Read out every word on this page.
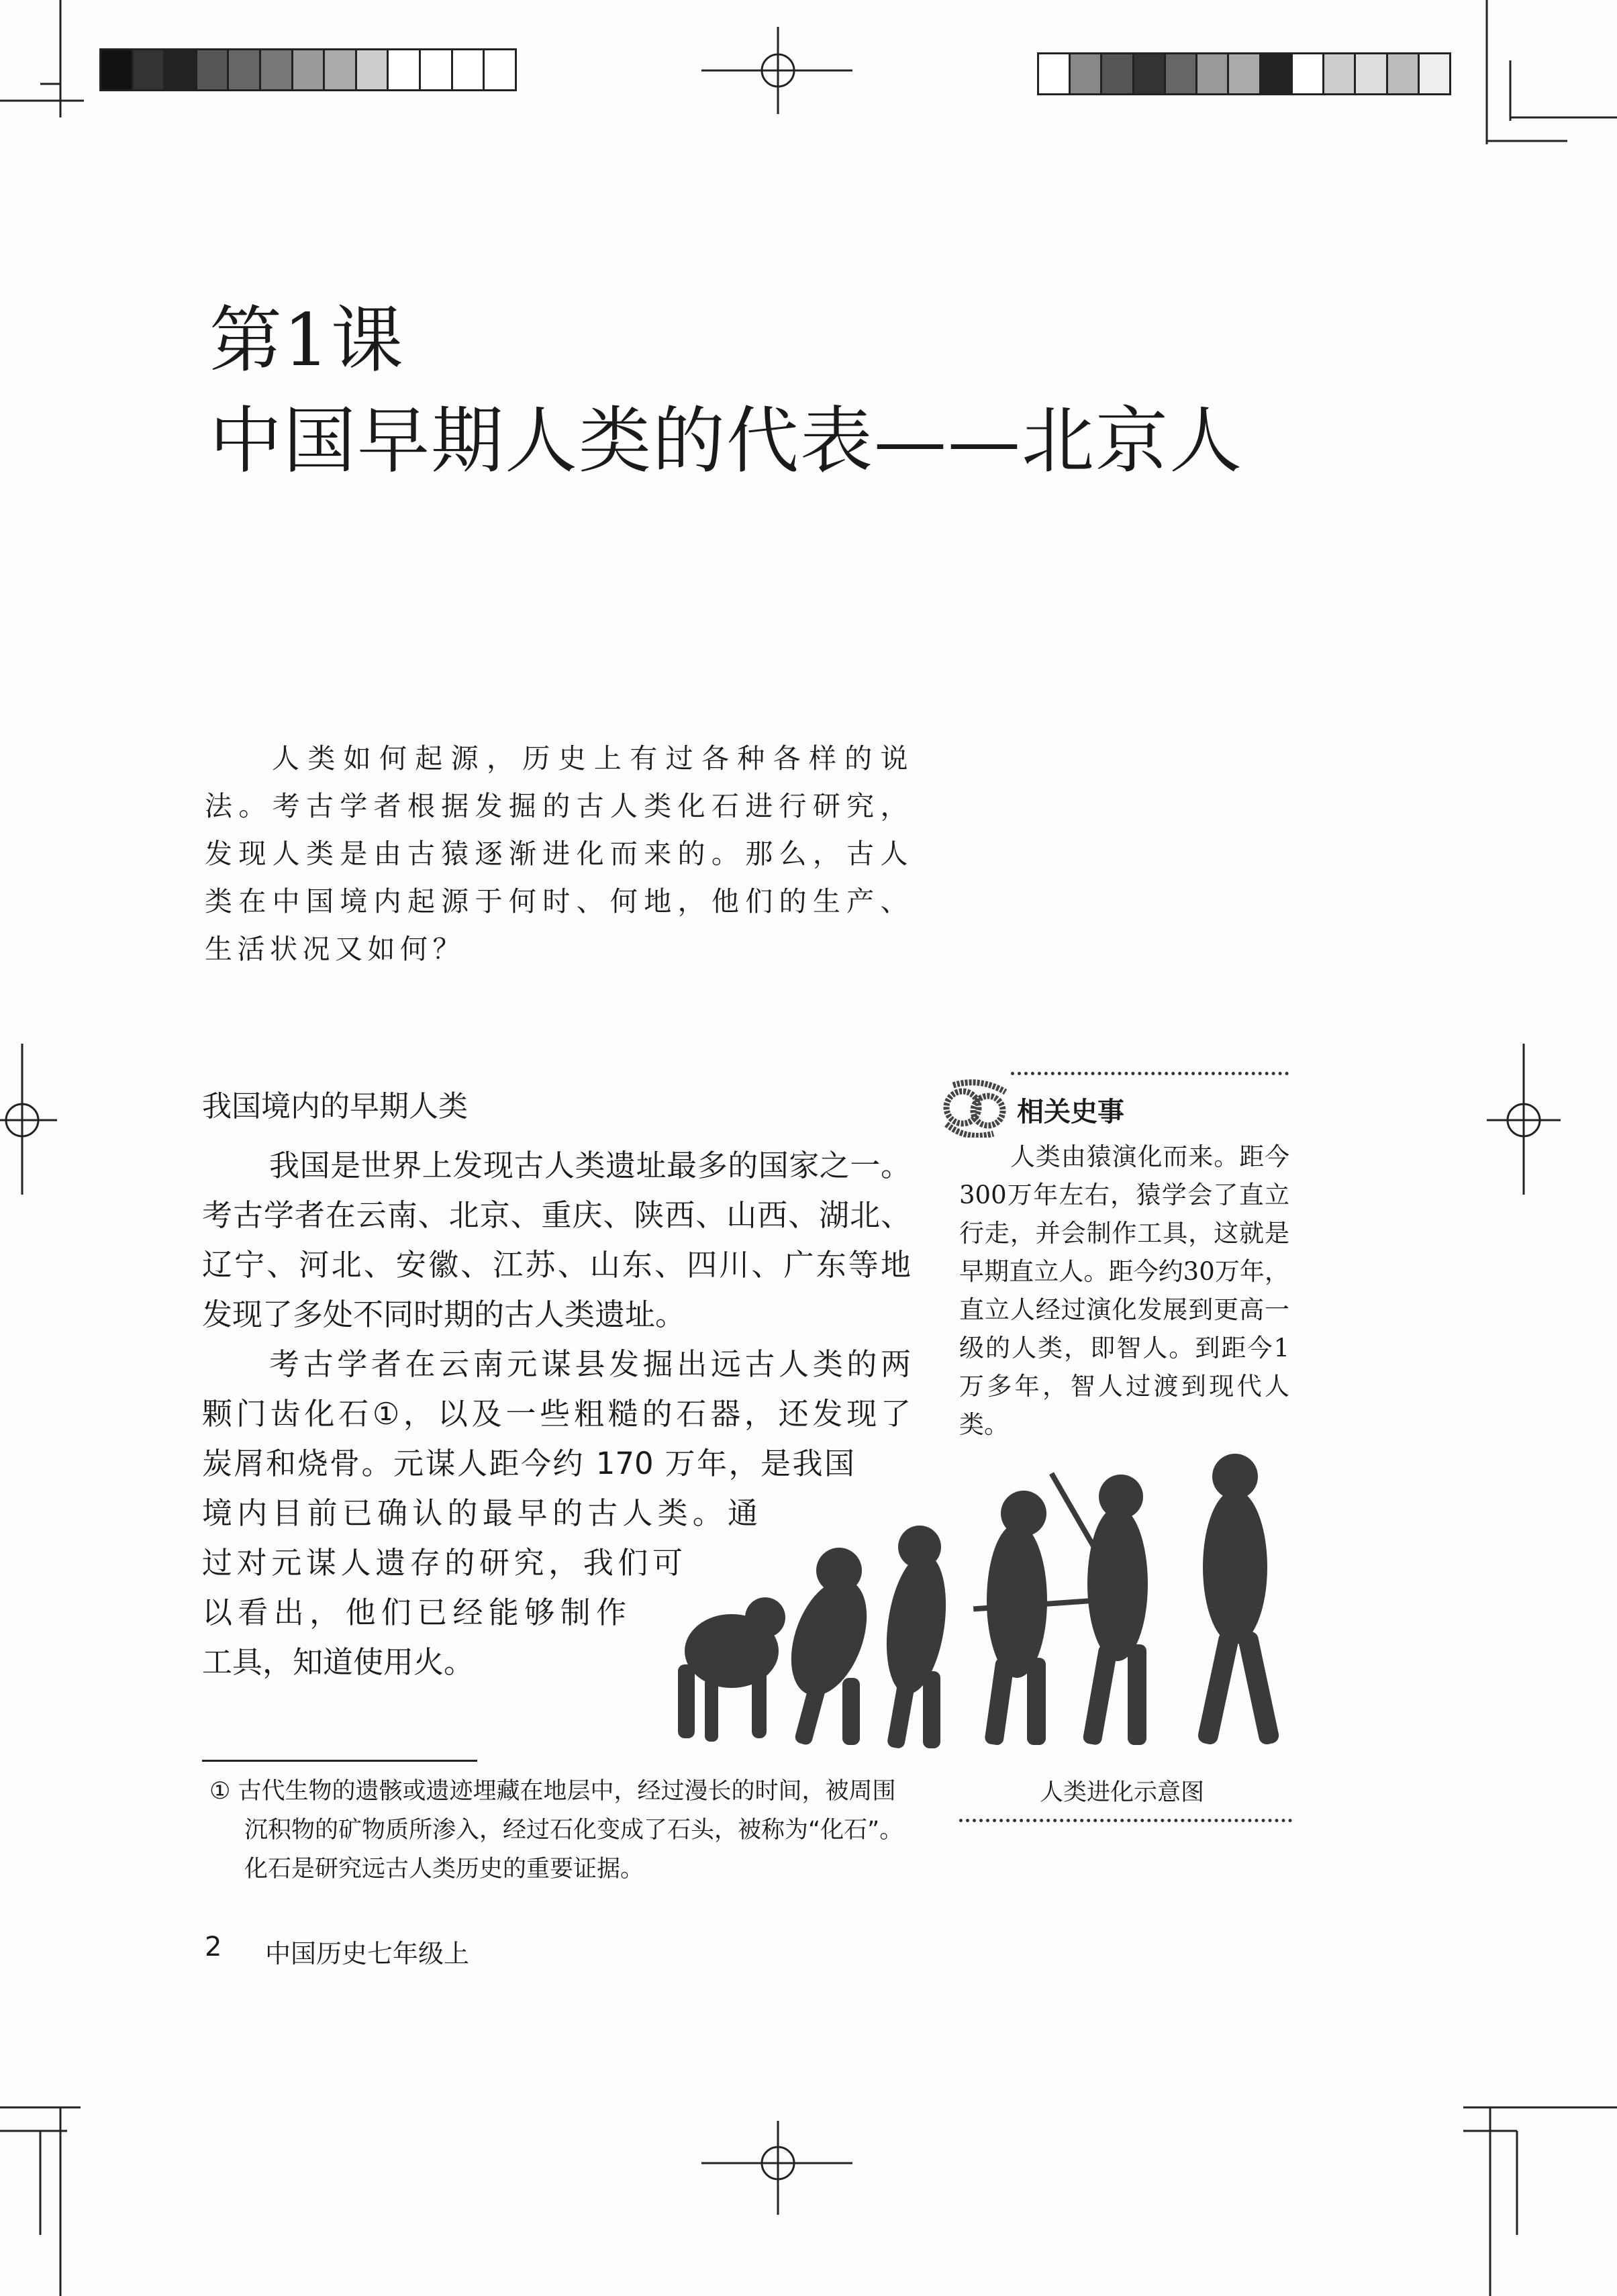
第1课
中国早期人类的代表——北京人

人类如何起源，历史上有过各种各样的说法。考古学者根据发掘的古人类化石进行研究，发现人类是由古猿逐渐进化而来的。那么，古人类在中国境内起源于何时、何地，他们的生产、生活状况又如何？

我国境内的早期人类
我国是世界上发现古人类遗址最多的国家之一。
考古学者在云南、北京、重庆、陕西、山西、湖北、
辽宁、河北、安徽、江苏、山东、四川、广东等地
发现了多处不同时期的古人类遗址。
考古学者在云南元谋县发掘出远古人类的两
颗门齿化石①，以及一些粗糙的石器，还发现了
炭屑和烧骨。元谋人距今约 170 万年，是我国
境内目前已确认的最早的古人类。通
过对元谋人遗存的研究，我们可
以看出，他们已经能够制作
工具，知道使用火。
相关史事

人类由猿演化而来。距今300万年左右，猿学会了直立行走，并会制作工具，这就是早期直立人。距今约30万年，直立人经过演化发展到更高一级的人类，即智人。到距今1万多年，智人过渡到现代人类。

人类进化示意图

① 古代生物的遗骸或遗迹埋藏在地层中，经过漫长的时间，被周围沉积物的矿物质所渗入，经过石化变成了石头，被称为“化石”。化石是研究远古人类历史的重要证据。

2 中国历史七年级上
